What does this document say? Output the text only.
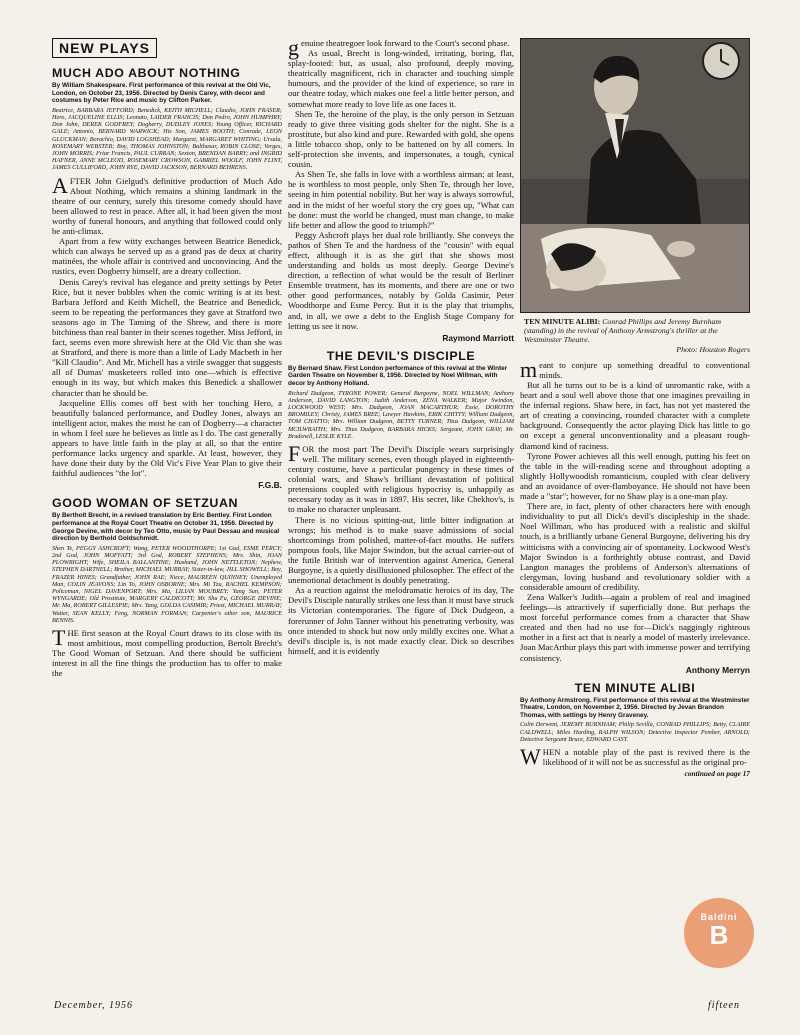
NEW PLAYS
MUCH ADO ABOUT NOTHING

By William Shakespeare. First performance of this revival at the Old Vic, London, on October 23, 1956. Directed by Denis Carey, with decor and costumes by Peter Rice and music by Clifton Parker.

Beatrice, BARBARA JEFFORD; Benedick, KEITH MICHELL; Claudio, JOHN FRASER; Hero, JACQUELINE ELLIS; Leonato, LAIDER FRANCIS; Don Pedro, JOHN HUMPHRY; Don John, DEREK GODFREY; Dogberry, DUDLEY JONES; Young Officer, RICHARD GALE; Antonio, BERNARD WARWICK; His Son, JAMES BOOTH; Conrade, LEON GLUCKMAN; Borachio, DAVID LOGSHEAD; Margaret, MARGARET WHITING; Ursula, ROSEMARY WEBSTER; Boy, THOMAS JOHNSTON; Balthasar, ROBIN CLOSE; Verges, JOHN MORRIS; Friar Francis, PAUL CURRAN; Sexton, BRENDAN BARRY; and INGRID HAFNER, ANNE MCLEOD, ROSEMARY CROWSON, GABRIEL WOOLF, JOHN FLINT, JAMES CULLIFORD, JOHN RYE, DAVID JACKSON, BERNARD BEHRENS.

AFTER John Gielgud's definitive production of Much Ado About Nothing, which remains a shining landmark in the theatre of our century, surely this tiresome comedy should have been allowed to rest in peace. After all, it had been given the most worthy of funeral honours, and anything that followed could only be anti-climax.

Apart from a few witty exchanges between Beatrice Benedick, which can always be served up as a grand pas de deux at charity matinées, the whole affair is contrived and unconvincing. And the rustics, even Dogberry himself, are a dreary collection.

Denis Carey's revival has elegance and pretty settings by Peter Rice, but it never bubbles when the comic writing is at its best. Barbara Jefford and Keith Michell, the Beatrice and Benedick, seem to be repeating the performances they gave at Stratford two seasons ago in The Taming of the Shrew, and there is more bitchiness than real banter in their scenes together. Miss Jefford, in fact, seems even more shrewish here at the Old Vic than she was at Stratford, and there is more than a little of Lady Macbeth in her "Kill Claudio". And Mr. Michell has a virile swagger that suggests all of Dumas' musketeers rolled into one—which is effective enough in its way, but which makes this Benedick a shallower character than he should be.

Jacqueline Ellis comes off best with her touching Hero, a beautifully balanced performance, and Dudley Jones, always an intelligent actor, makes the most he can of Dogberry—a character in whom I feel sure he believes as little as I do. The cast generally appears to have little faith in the play at all, so that the entire performance lacks urgency and sparkle. At least, however, they have done their duty by the Old Vic's Five Year Plan to give their faithful audiences "the lot".

F.G.B.
GOOD WOMAN OF SETZUAN

By Bertholt Brecht, in a revised translation by Eric Bentley. First London performance at the Royal Court Theatre on October 31, 1956. Directed by George Devine, with decor by Teo Otto, music by Paul Dessau and musical direction by Berthold Goldschmidt.

Shen Te, PEGGY ASHCROFT; Wang, PETER WOODTHORPE; 1st God, ESME PERCY; 2nd God, JOHN MOFFATT; 3rd God, ROBERT STEPHENS; Mrs. Shin, JOAN PLOWRIGHT; Wife, SHEILA BALLANTINE; Husband, JOHN NETTLETON; Nephew, STEPHEN DARTNELL; Brother, MICHAEL MURRAY; Sister-in-law, JILL SHOWELL; Boy, FRAZER HINES; Grandfather, JOHN RAE; Niece, MAUREEN QUINNEY; Unemployed Man, COLIN JEAVONS; Lin To, JOHN OSBORNE; Mrs. Mi Tzu, RACHEL KEMPSON; Policeman, NIGEL DAVENPORT; Mrs. Ma, LILIAN MOUBREY; Yang Sun, PETER WYNGARDE; Old Prostitute, MARGERY CALDICOTT; Mr. Shu Fu, GEORGE DEVINE; Mr. Ma, ROBERT GILLESPIE; Mrs. Yang, GOLDA CASIMIR; Priest, MICHAEL MURRAY; Waiter, SEAN KELLY; Feng, NORMAN FORMAN; Carpenter's other son, MAURICE BENNIS.

THE first season at the Royal Court draws to its close with its most ambitious, most compelling production, Bertolt Brecht's The Good Woman of Setzuan. And there should be sufficient interest in all the fine things the production has to offer to make the

genuine theatregoer look forward to the Court's second phase.

As usual, Brecht is long-winded, irritating, boring, flat, splay-footed: but, as usual, also profound, deeply moving, theatrically magnificent, rich in character and touching simple humours, and the provider of the kind of experience, so rare in our theatre today, which makes one feel a little better person, and somewhat more ready to love life as one faces it.

Shen Te, the heroine of the play, is the only person in Setzuan ready to give three visiting gods shelter for the night. She is a prostitute, but also kind and pure. Rewarded with gold, she opens a little tobacco shop, only to be battened on by all comers. In self-protection she invents, and impersonates, a tough, cynical cousin.

As Shen Te, she falls in love with a worthless airman; at least, he is worthless to most people, only Shen Te, through her love, seeing in him potential nobility. But her way is always sorrowful, and in the midst of her woeful story the cry goes up, "What can be done: must the world be changed, must man change, to make life better and allow the good to triumph?"

Peggy Ashcroft plays her dual role brilliantly. She conveys the pathos of Shen Te and the hardness of the "cousin" with equal effect, although it is as the girl that she shows most understanding and holds us most deeply. George Devine's direction, a reflection of what would be the result of Berliner Ensemble treatment, has its moments, and there are one or two other good performances, notably by Golda Casimir, Peter Woodthorpe and Esme Percy. But it is the play that triumphs, and, in all, we owe a debt to the English Stage Company for letting us see it now.

Raymond Marriott
THE DEVIL'S DISCIPLE

By Bernard Shaw. First London performance of this revival at the Winter Garden Theatre on November 8, 1956. Directed by Noel Willman, with decor by Anthony Holland.

Richard Dudgeon, TYRONE POWER; General Burgoyne, NOEL WILLMAN; Anthony Anderson, DAVID LANGTON; Judith Anderson, ZENA WALKER; Major Swindon, LOCKWOOD WEST; Mrs. Dudgeon, JOAN MACARTHUR; Essie, DOROTHY BROMILEY; Christy, JAMES BREE; Lawyer Hawkins, ERIK CHITTY; William Dudgeon, TOM CHATTO; Mrs. William Dudgeon, BETTY TURNER; Titus Dudgeon, WILLIAM MCILWRAITH; Mrs. Titus Dudgeon, BARBARA HICKS; Sergeant, JOHN GRAY; Mr. Brudenell, LESLIE KYLE.

FOR the most part The Devil's Disciple wears surprisingly well. The military scenes, even though played in eighteenth-century costume, have a particular pungency in these times of colonial wars, and Shaw's brilliant devastation of political pretensions coupled with religious hypocrisy is, unhappily as necessary today as it was in 1897. His secret, like Chekhov's, is to make no character unpleasant.

There is no vicious spitting-out, little bitter indignation at wrongs; his method is to make suave admissions of social shortcomings from polished, matter-of-fact mouths. He suffers pompous fools, like Major Swindon, but the actual carrier-out of the futile British war of intervention against America, General Burgoyne, is a quietly disillusioned philosopher. The effect of the unemotional detachment is doubly penetrating.

As a reaction against the melodramatic heroics of its day, The Devil's Disciple naturally strikes one less than it must have struck its Victorian contemporaries. The figure of Dick Dudgeon, a forerunner of John Tanner without his penetrating verbosity, was once intended to shock but now only mildly excites one. What a devil's disciple is, is not made exactly clear. Dick so describes himself, and it is evidently

TEN MINUTE ALIBI: Conrad Phillips and Jeremy Burnham (standing) in the revival of Anthony Armstrong's thriller at the Westminster Theatre.
Photo: Houston Rogers

meant to conjure up something dreadful to conventional minds.

But all he turns out to be is a kind of unromantic rake, with a heart and a soul well above those that one imagines prevailing in the infernal regions. Shaw here, in fact, has not yet mastered the art of creating a convincing, rounded character with a complete background. Consequently the actor playing Dick has little to go on except a general unconventionality and a pleasant rough-diamond kind of raciness.

Tyrone Power achieves all this well enough, putting his feet on the table in the will-reading scene and throughout adopting a slightly Hollywoodish romanticism, coupled with clear delivery and an avoidance of over-flamboyance. He should not have been made a "star"; however, for no Shaw play is a one-man play.

There are, in fact, plenty of other characters here with enough individuality to put all Dick's devil's discipleship in the shade. Noel Willman, who has produced with a realistic and skilful touch, is a brilliantly urbane General Burgoyne, delivering his dry witticisms with a convincing air of spontaneity. Lockwood West's Major Swindon is a forthrightly obtuse contrast, and David Langton manages the problems of Anderson's alternations of clergyman, loving husband and revolutionary soldier with a considerable amount of credibility.

Zena Walker's Judith—again a problem of real and imagined feelings—is attractively if superficially done. But perhaps the most forceful performance comes from a character that Shaw created and then had no use for—Dick's naggingly righteous mother in a first act that is nearly a model of masterly irrelevance. Joan MacArthur plays this part with immense power and terrifying consistency.

Anthony Merryn
TEN MINUTE ALIBI

By Anthony Armstrong. First performance of this revival at the Westminster Theatre, London, on November 2, 1956. Directed by Jevan Brandon Thomas, with settings by Henry Graveney.

Colin Derwent, JEREMY BURNHAM; Philip Sevilla, CONRAD PHILLIPS; Betty, CLAIRE CALDWELL; Miles Harding, RALPH WILSON; Detective Inspector Pember, ARNOLD; Detective Sergeant Bruce, EDWARD CAST.

WHEN a notable play of the past is revived there is the likelihood of it will not be as successful as the original pro-

continued on page 17
Baldini
B
December, 1956	fifteen
